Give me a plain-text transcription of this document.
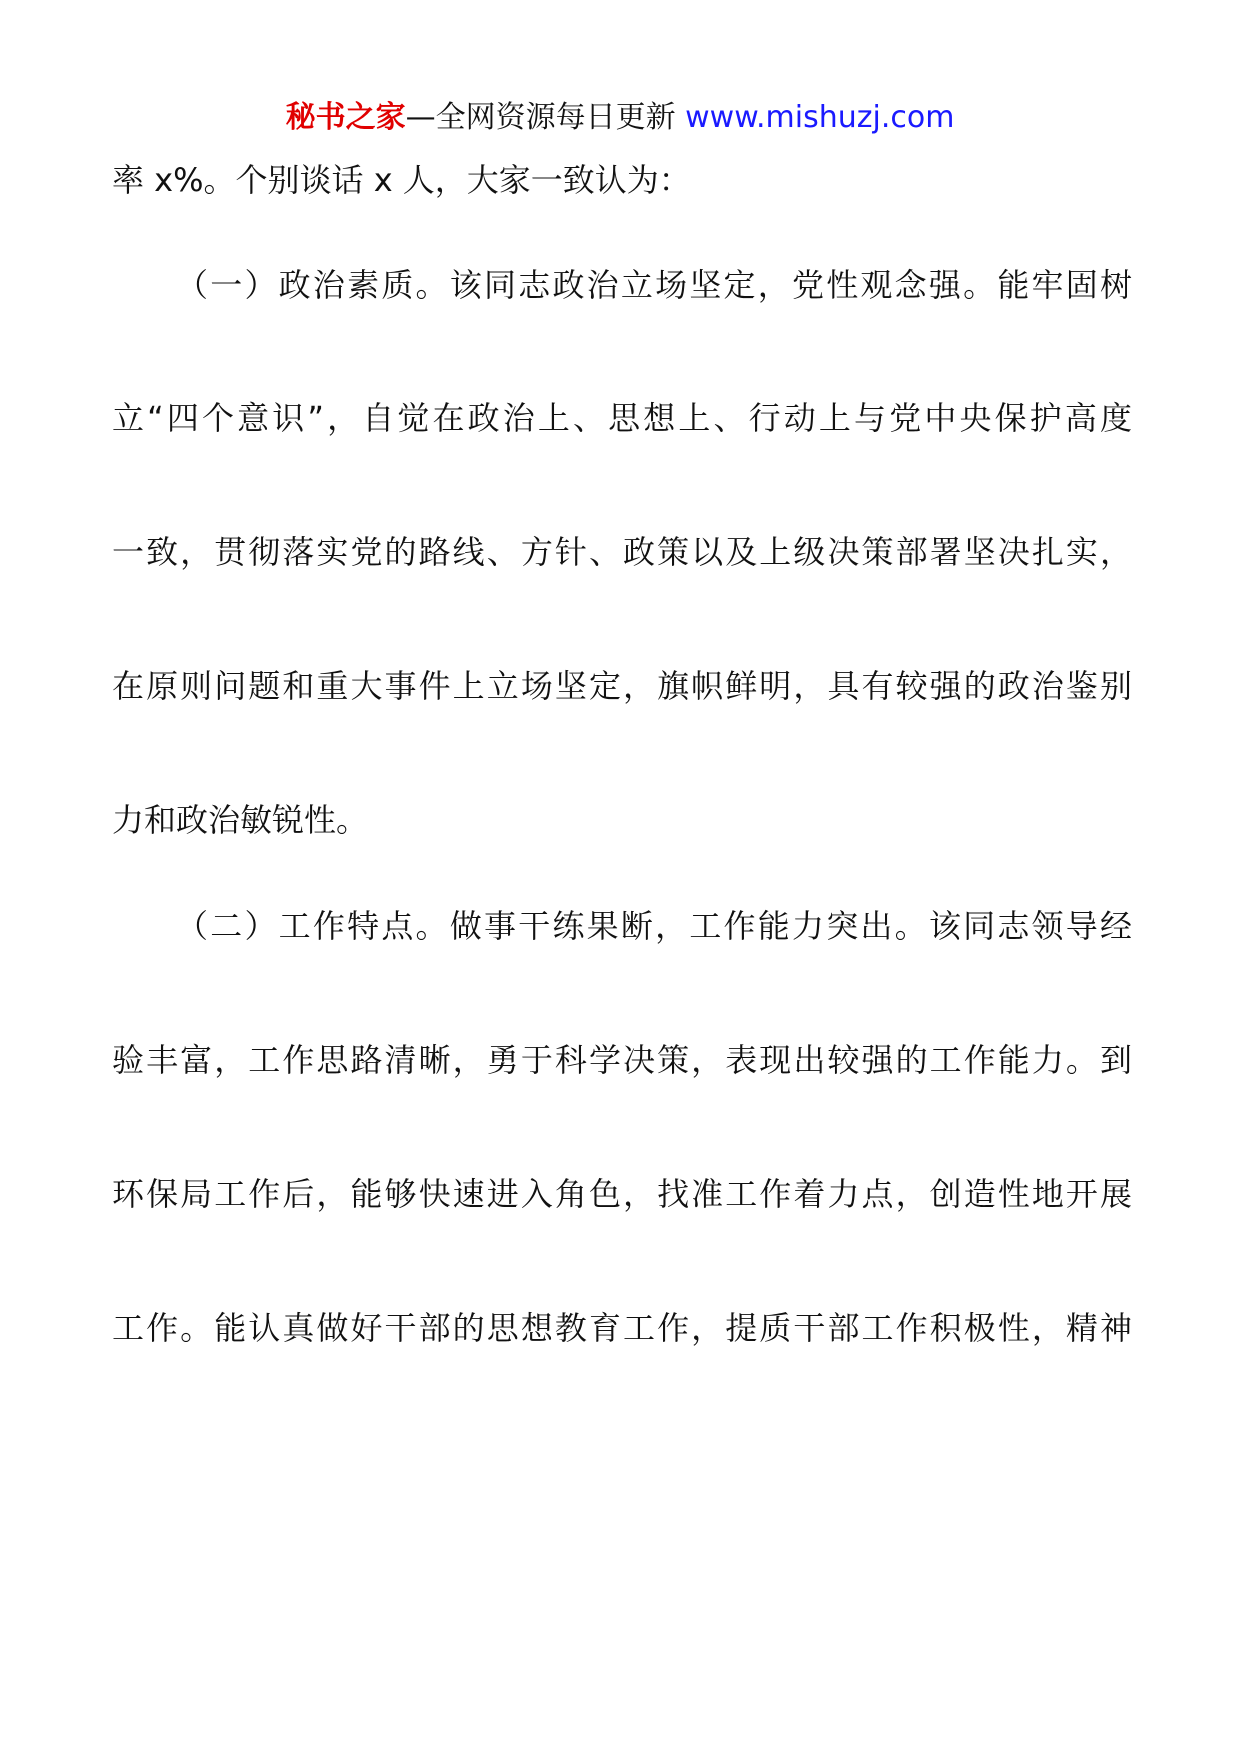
秘书之家—全网资源每日更新 www.mishuzj.com
率 x%。个别谈话 x 人，大家一致认为：
（一）政治素质。该同志政治立场坚定，党性观念强。能牢固树
立“四个意识”，自觉在政治上、思想上、行动上与党中央保护高度
一致，贯彻落实党的路线、方针、政策以及上级决策部署坚决扎实，
在原则问题和重大事件上立场坚定，旗帜鲜明，具有较强的政治鉴别
力和政治敏锐性。
（二）工作特点。做事干练果断，工作能力突出。该同志领导经
验丰富，工作思路清晰，勇于科学决策，表现出较强的工作能力。到
环保局工作后，能够快速进入角色，找准工作着力点，创造性地开展
工作。能认真做好干部的思想教育工作，提质干部工作积极性，精神
